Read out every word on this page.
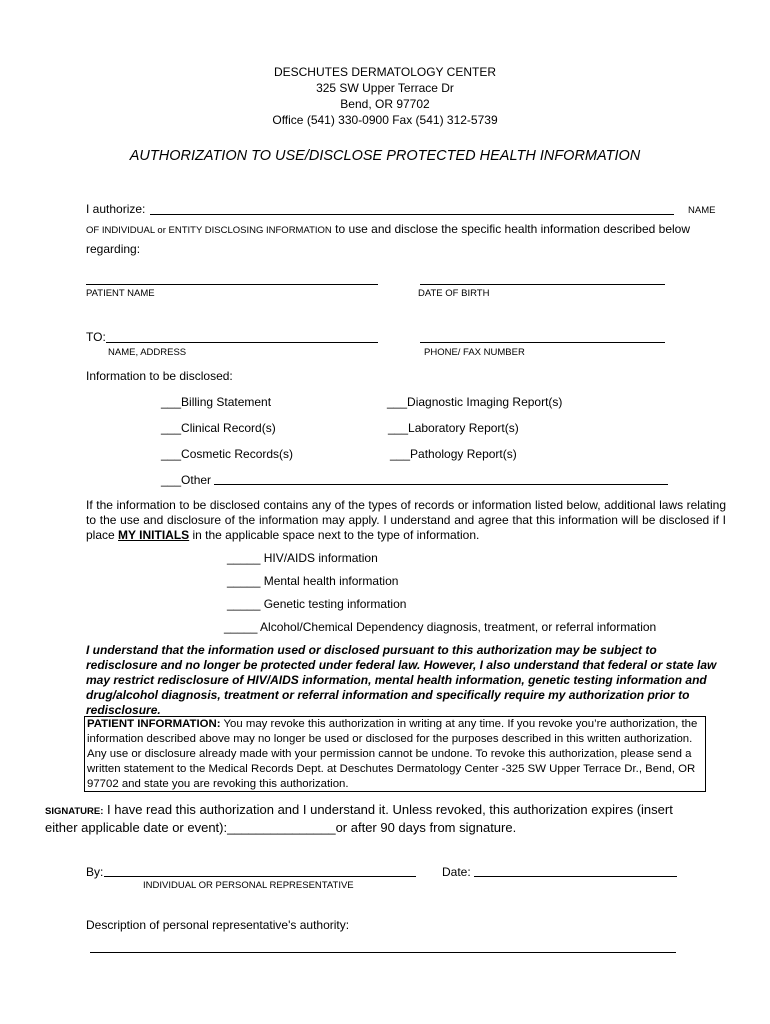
DESCHUTES DERMATOLOGY CENTER
325 SW Upper Terrace Dr
Bend, OR 97702
Office (541) 330-0900 Fax (541) 312-5739
AUTHORIZATION TO USE/DISCLOSE PROTECTED HEALTH INFORMATION
I authorize:	NAME
OF INDIVIDUAL or ENTITY DISCLOSING INFORMATION to use and disclose the specific health information described below
regarding:
PATIENT NAME	DATE OF BIRTH
TO:
NAME, ADDRESS	PHONE/ FAX NUMBER
Information to be disclosed:
___Billing Statement	___Diagnostic Imaging Report(s)
___Clinical Record(s)	___Laboratory Report(s)
___Cosmetic Records(s)	___Pathology Report(s)
___Other
If the information to be disclosed contains any of the types of records or information listed below, additional laws relating to the use and disclosure of the information may apply. I understand and agree that this information will be disclosed if I place MY INITIALS in the applicable space next to the type of information.
_____ HIV/AIDS information
_____ Mental health information
_____ Genetic testing information
_____ Alcohol/Chemical Dependency diagnosis, treatment, or referral information
I understand that the information used or disclosed pursuant to this authorization may be subject to redisclosure and no longer be protected under federal law. However, I also understand that federal or state law may restrict redisclosure of HIV/AIDS information, mental health information, genetic testing information and drug/alcohol diagnosis, treatment or referral information and specifically require my authorization prior to redisclosure.
PATIENT INFORMATION: You may revoke this authorization in writing at any time. If you revoke you’re authorization, the information described above may no longer be used or disclosed for the purposes described in this written authorization. Any use or disclosure already made with your permission cannot be undone. To revoke this authorization, please send a written statement to the Medical Records Dept. at Deschutes Dermatology Center -325 SW Upper Terrace Dr., Bend, OR 97702 and state you are revoking this authorization.
SIGNATURE: I have read this authorization and I understand it. Unless revoked, this authorization expires (insert
either applicable date or event):_______________or after 90 days from signature.
By:
INDIVIDUAL OR PERSONAL REPRESENTATIVE
Date:
Description of personal representative's authority:
